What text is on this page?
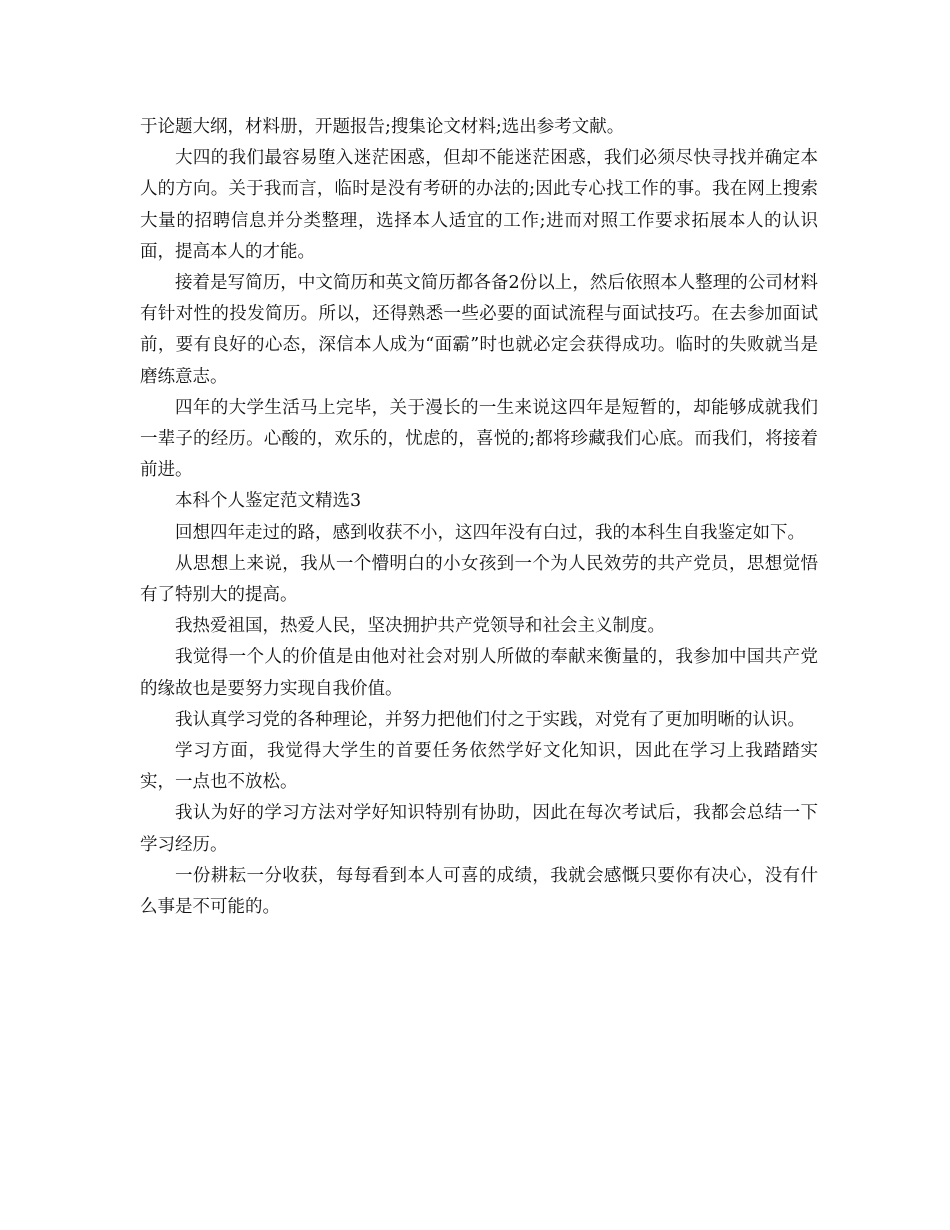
于论题大纲，材料册，开题报告;搜集论文材料;选出参考文献。

大四的我们最容易堕入迷茫困惑，但却不能迷茫困惑，我们必须尽快寻找并确定本人的方向。关于我而言，临时是没有考研的办法的;因此专心找工作的事。我在网上搜索大量的招聘信息并分类整理，选择本人适宜的工作;进而对照工作要求拓展本人的认识面，提高本人的才能。

接着是写简历，中文简历和英文简历都各备2份以上，然后依照本人整理的公司材料有针对性的投发简历。所以，还得熟悉一些必要的面试流程与面试技巧。在去参加面试前，要有良好的心态，深信本人成为“面霸”时也就必定会获得成功。临时的失败就当是磨练意志。

四年的大学生活马上完毕，关于漫长的一生来说这四年是短暂的，却能够成就我们一辈子的经历。心酸的，欢乐的，忧虑的，喜悦的;都将珍藏我们心底。而我们，将接着前进。

本科个人鉴定范文精选3

回想四年走过的路，感到收获不小，这四年没有白过，我的本科生自我鉴定如下。

从思想上来说，我从一个懵明白的小女孩到一个为人民效劳的共产党员，思想觉悟有了特别大的提高。

我热爱祖国，热爱人民，坚决拥护共产党领导和社会主义制度。

我觉得一个人的价值是由他对社会对别人所做的奉献来衡量的，我参加中国共产党的缘故也是要努力实现自我价值。

我认真学习党的各种理论，并努力把他们付之于实践，对党有了更加明晰的认识。

学习方面，我觉得大学生的首要任务依然学好文化知识，因此在学习上我踏踏实实，一点也不放松。

我认为好的学习方法对学好知识特别有协助，因此在每次考试后，我都会总结一下学习经历。

一份耕耘一分收获，每每看到本人可喜的成绩，我就会感慨只要你有决心，没有什么事是不可能的。
